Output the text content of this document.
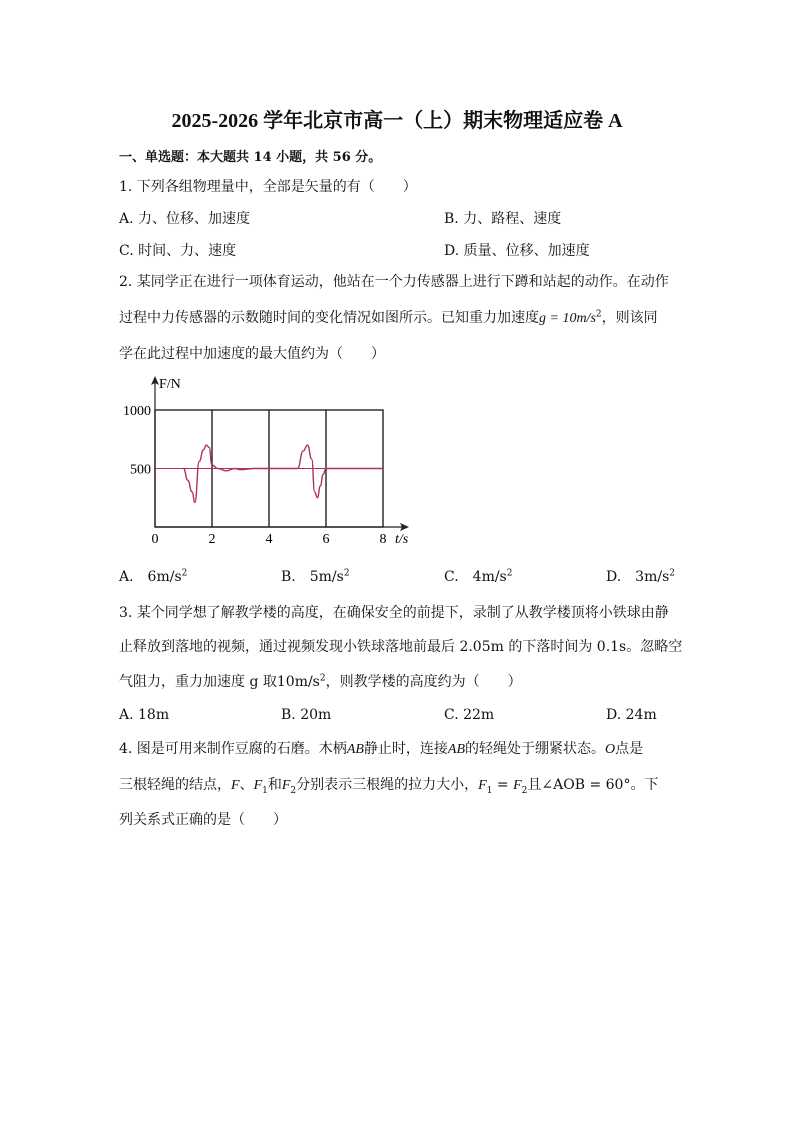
2025-2026 学年北京市高一（上）期末物理适应卷 A
一、单选题：本大题共 14 小题，共 56 分。
1. 下列各组物理量中，全部是矢量的有（　　）
A. 力、位移、加速度	B. 力、路程、速度
C. 时间、力、速度	D. 质量、位移、加速度
2. 某同学正在进行一项体育运动，他站在一个力传感器上进行下蹲和站起的动作。在动作
过程中力传感器的示数随时间的变化情况如图所示。已知重力加速度$g = 10m/s^2$，则该同
学在此过程中加速度的最大值约为（　　）
0	2	4	6	8
500
1000
F/N
t/s
A.　$6m/s^2$	B.　$5m/s^2$	C.　$4m/s^2$	D.　$3m/s^2$
3. 某个同学想了解教学楼的高度，在确保安全的前提下，录制了从教学楼顶将小铁球由静
止释放到落地的视频，通过视频发现小铁球落地前最后 2.05m 的下落时间为 0.1s。忽略空
气阻力，重力加速度 g 取$10m/s^2$，则教学楼的高度约为（　　）
A. 18m	B. 20m	C. 22m	D. 24m
4. 图是可用来制作豆腐的石磨。木柄AB静止时，连接AB的轻绳处于绷紧状态。O点是
三根轻绳的结点，F、$F_1$和$F_2$分别表示三根绳的拉力大小，$F_1 = F_2$且∠AOB = 60°。下
列关系式正确的是（　　）
